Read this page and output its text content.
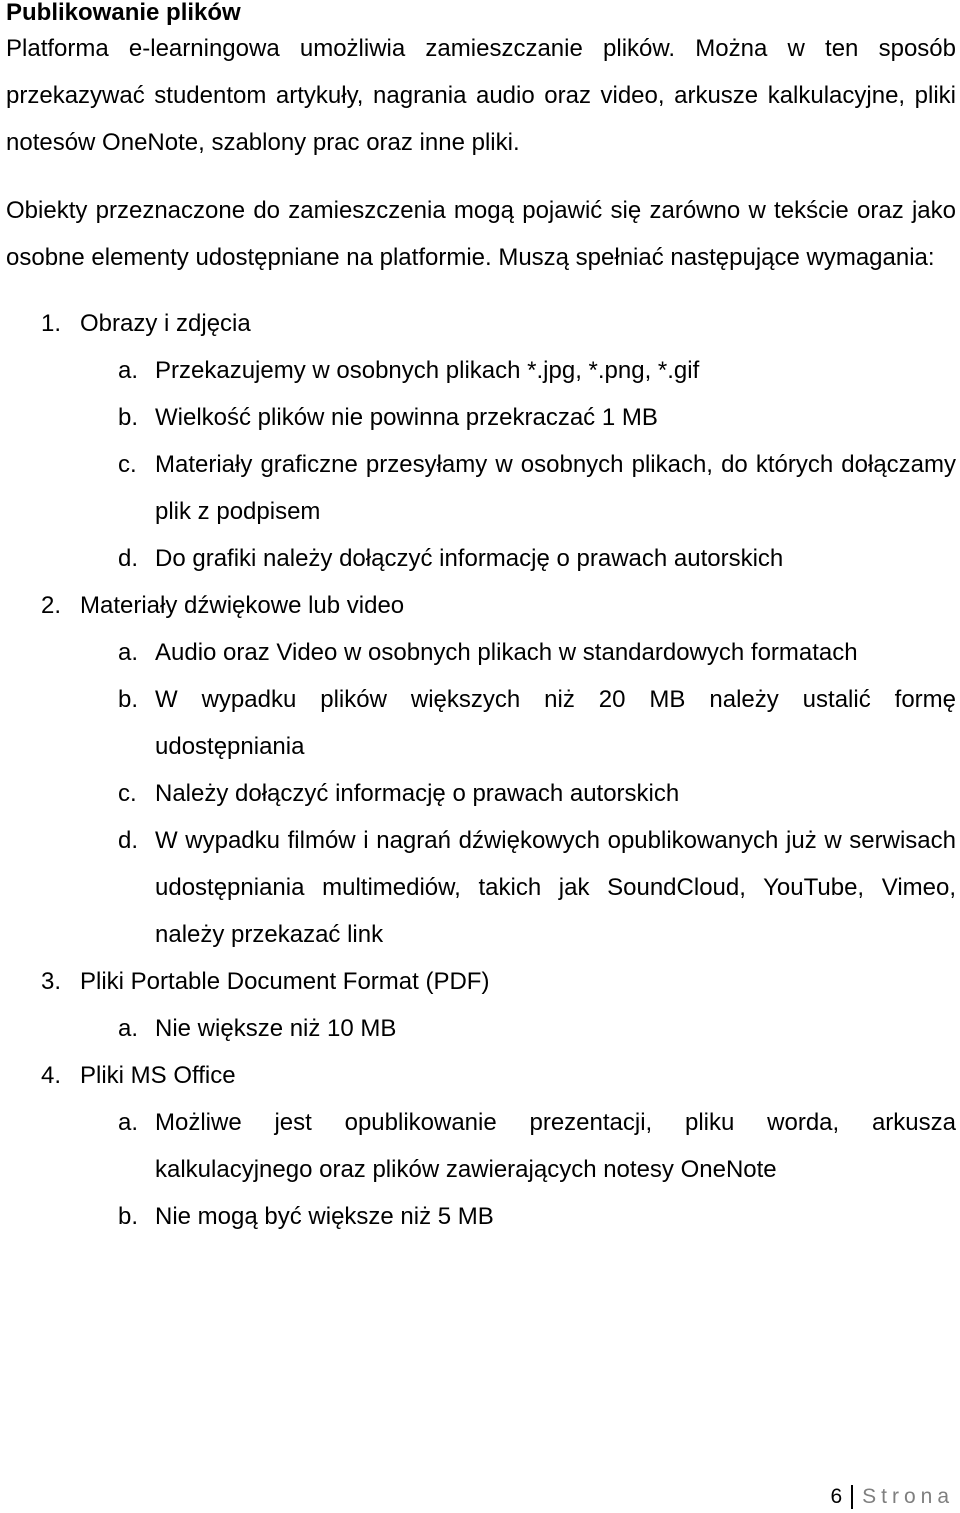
Publikowanie plików

Platforma e-learningowa umożliwia zamieszczanie plików. Można w ten sposób przekazywać studentom artykuły, nagrania audio oraz video, arkusze kalkulacyjne, pliki notesów OneNote, szablony prac oraz inne pliki.

Obiekty przeznaczone do zamieszczenia mogą pojawić się zarówno w tekście oraz jako osobne elementy udostępniane na platformie. Muszą spełniać następujące wymagania:

1. Obrazy i zdjęcia
a. Przekazujemy w osobnych plikach *.jpg, *.png, *.gif
b. Wielkość plików nie powinna przekraczać 1 MB
c. Materiały graficzne przesyłamy w osobnych plikach, do których dołączamy plik z podpisem
d. Do grafiki należy dołączyć informację o prawach autorskich
2. Materiały dźwiękowe lub video
a. Audio oraz Video w osobnych plikach w standardowych formatach
b. W wypadku plików większych niż 20 MB należy ustalić formę udostępniania
c. Należy dołączyć informację o prawach autorskich
d. W wypadku filmów i nagrań dźwiękowych opublikowanych już w serwisach udostępniania multimediów, takich jak SoundCloud, YouTube, Vimeo, należy przekazać link
3. Pliki Portable Document Format (PDF)
a. Nie większe niż 10 MB
4. Pliki MS Office
a. Możliwe jest opublikowanie prezentacji, pliku worda, arkusza kalkulacyjnego oraz plików zawierających notesy OneNote
b. Nie mogą być większe niż 5 MB
6 Strona
